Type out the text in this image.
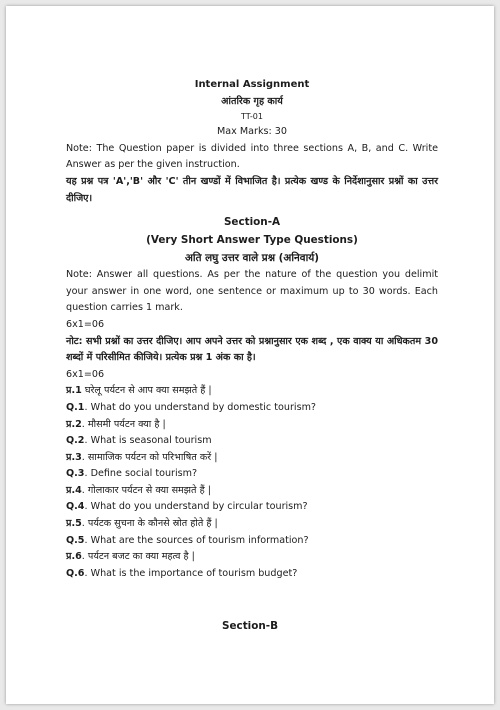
Internal Assignment

आंतरिक गृह कार्य

TT-01

Max Marks: 30

Note: The Question paper is divided into three sections A, B, and C. Write Answer as per the given instruction.

यह प्रश्न पत्र 'A','B' और 'C' तीन खण्डों में विभाजित है। प्रत्येक खण्ड के निर्देशानुसार प्रश्नों का उत्तर दीजिए।

Section-A

(Very Short Answer Type Questions)

अति लघु उत्तर वाले प्रश्न (अनिवार्य)

Note: Answer all questions. As per the nature of the question you delimit your answer in one word, one sentence or maximum up to 30 words. Each question carries 1 mark.

6x1=06

नोट: सभी प्रश्नों का उत्तर दीजिए। आप अपने उत्तर को प्रश्नानुसार एक शब्द , एक वाक्य या अधिकतम 30 शब्दों में परिसीमित कीजिये। प्रत्येक प्रश्न 1 अंक का है।

6x1=06

प्र.1 घरेलू पर्यटन से आप क्या समझते हैं |

Q.1. What do you understand by domestic tourism?

प्र.2. मौसमी पर्यटन क्या है |

Q.2. What is seasonal tourism

प्र.3. सामाजिक पर्यटन को परिभाषित करें |

Q.3. Define social tourism?

प्र.4. गोलाकार पर्यटन से क्या समझते हैं |

Q.4. What do you understand by circular tourism?

प्र.5. पर्यटक सुचना के कौनसे स्रोत होते हैं |

Q.5. What are the sources of tourism information?

प्र.6. पर्यटन बजट का क्या महत्व है |

Q.6. What is the importance of tourism budget?

Section-B
